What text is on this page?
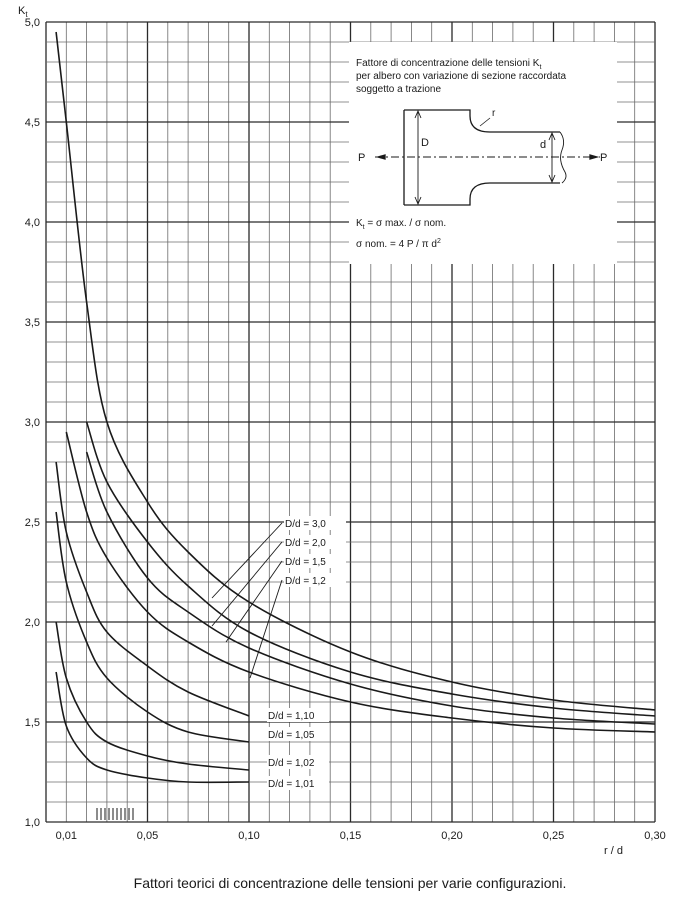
1,0
1,5
2,0
2,5
3,0
3,5
4,0
4,5
5,0
0,01	0,05	0,10	0,15	0,20	0,25	0,30
D/d = 3,0
D/d = 2,0
D/d = 1,5
D/d = 1,2
D/d = 1,10
D/d = 1,05
D/d = 1,02
D/d = 1,01
$K_t$
r / d
Fattore di concentrazione delle tensioni $K_t$
per albero con variazione di sezione raccordata
soggetto a trazione
P	P
D	d
r
$K_t = \sigma$ max. / σ nom.
σ nom. = 4 P / π $d^2$
Fattori teorici di concentrazione delle tensioni per varie configurazioni.
